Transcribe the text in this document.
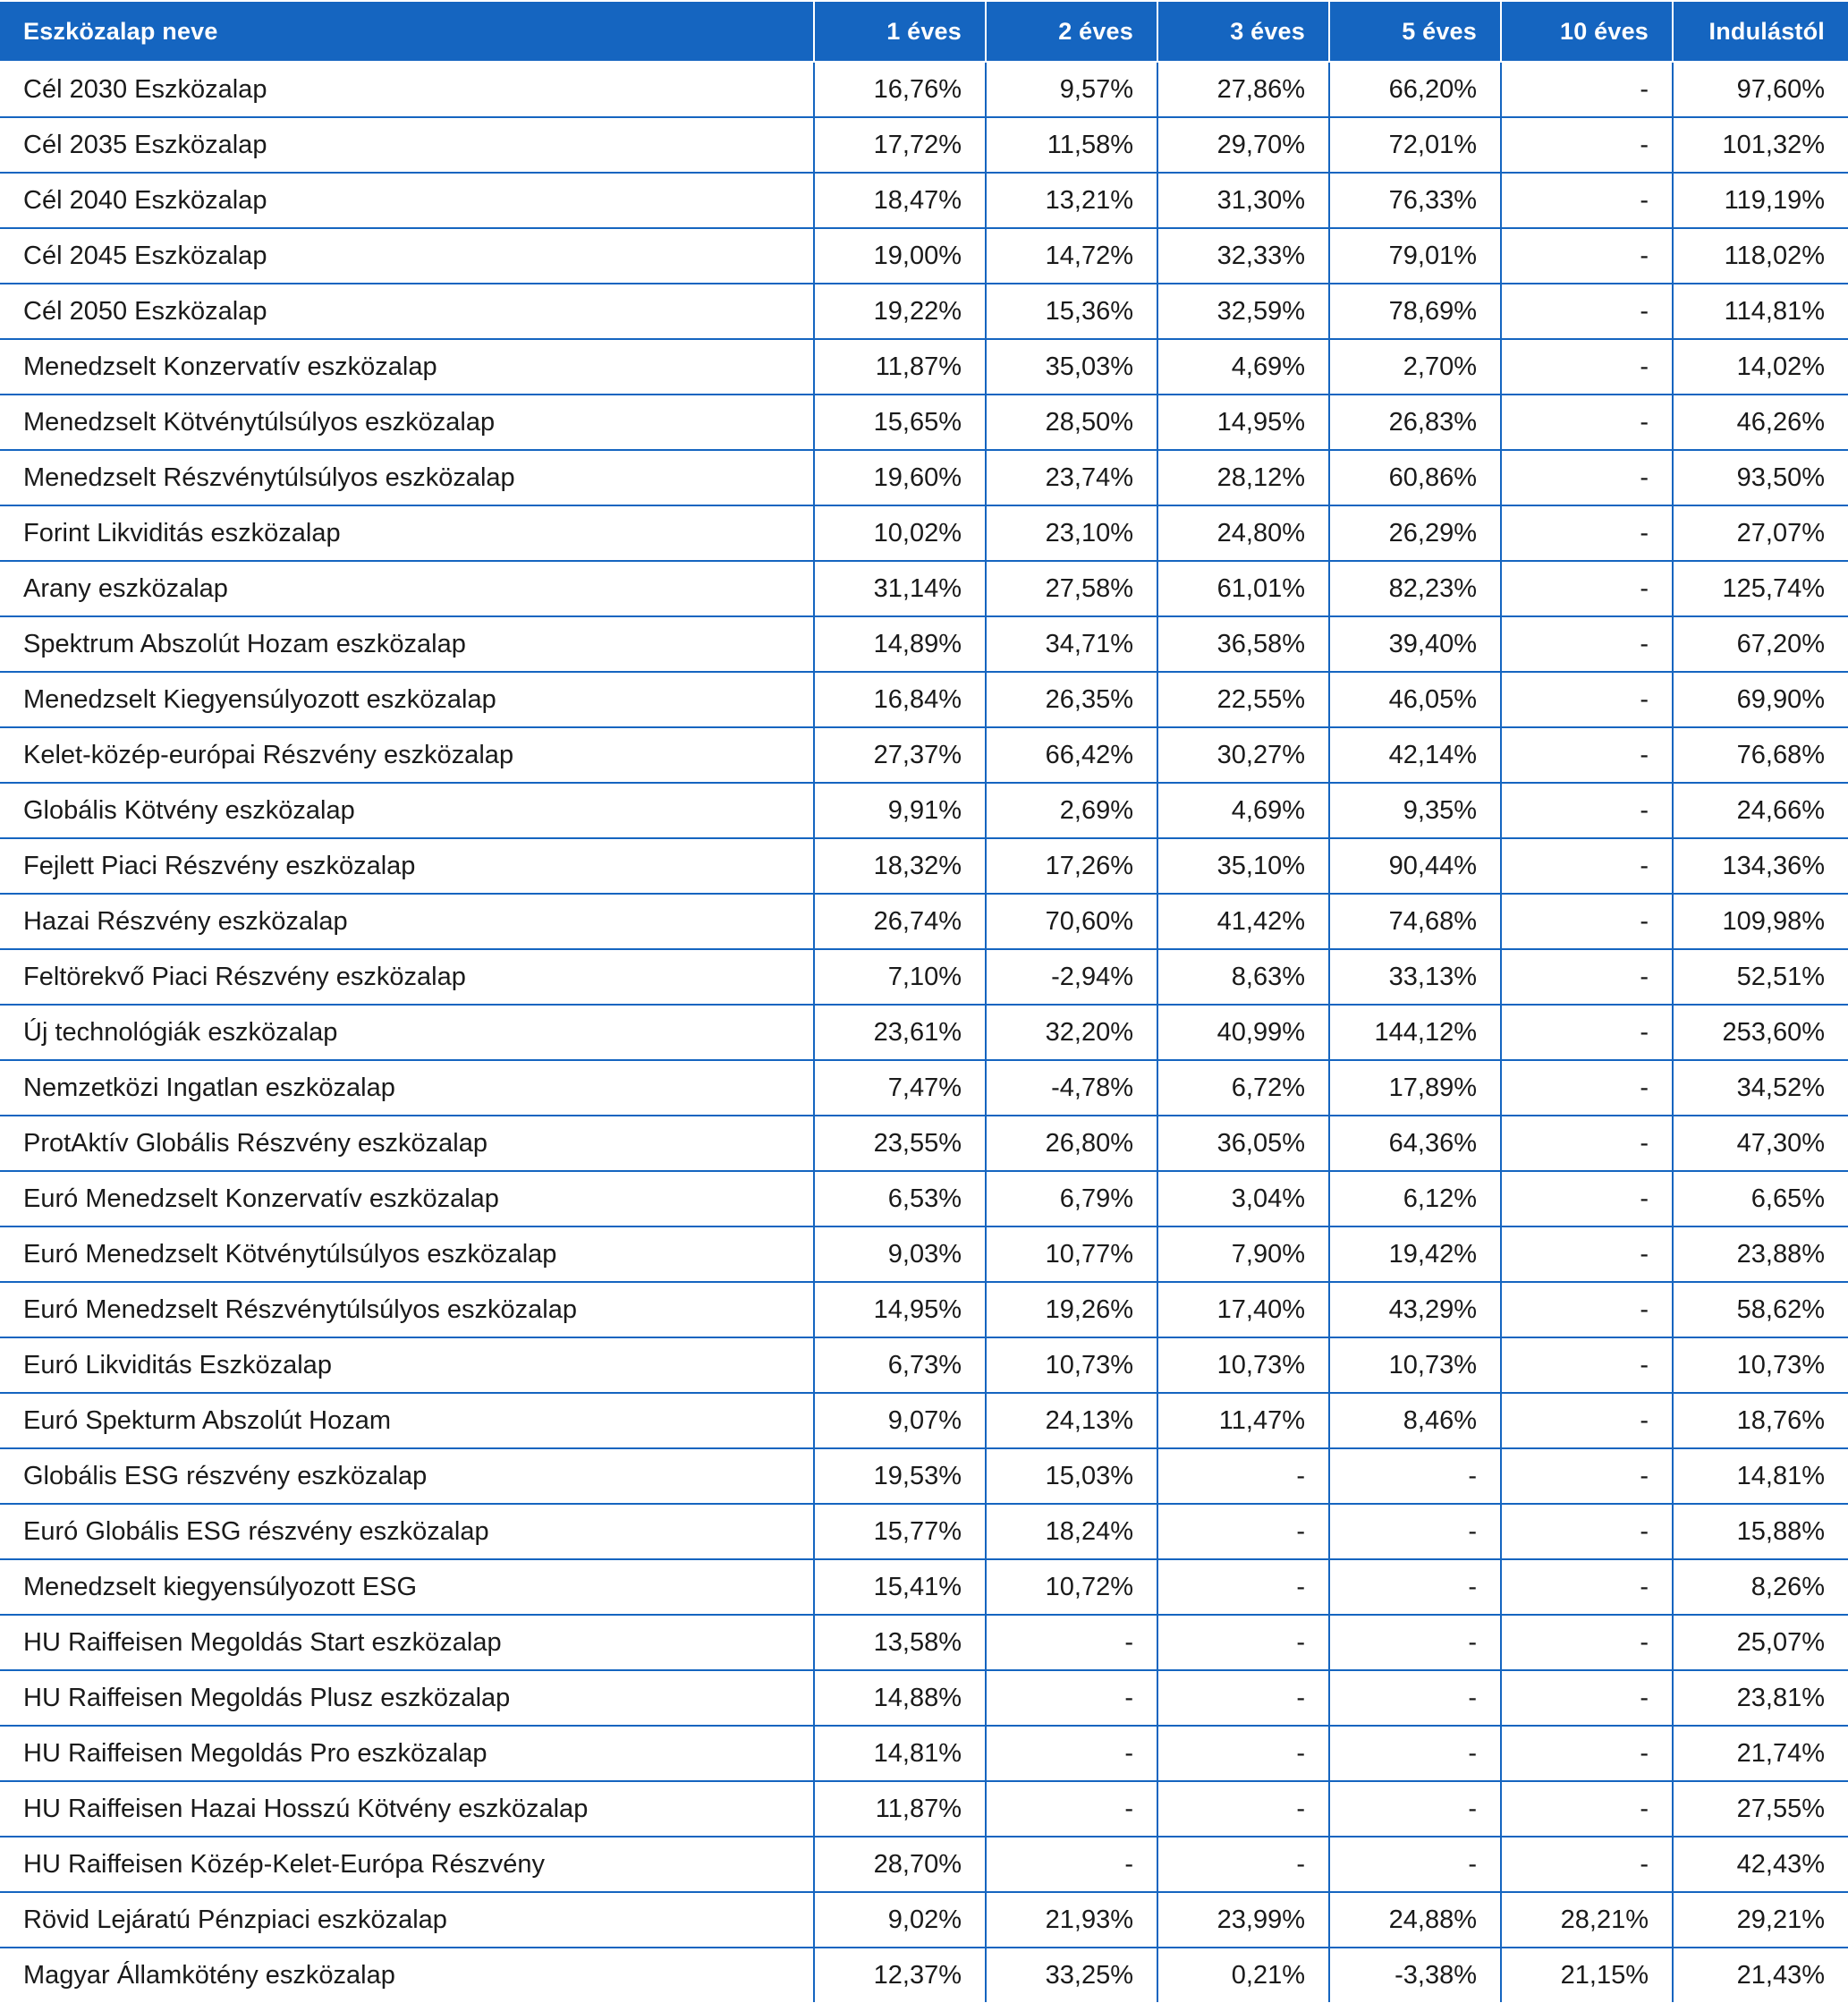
Eszközalap neve	1 éves	2 éves	3 éves	5 éves	10 éves	Indulástól
Cél 2030 Eszközalap	16,76%	9,57%	27,86%	66,20%	-	97,60%
Cél 2035 Eszközalap	17,72%	11,58%	29,70%	72,01%	-	101,32%
Cél 2040 Eszközalap	18,47%	13,21%	31,30%	76,33%	-	119,19%
Cél 2045 Eszközalap	19,00%	14,72%	32,33%	79,01%	-	118,02%
Cél 2050 Eszközalap	19,22%	15,36%	32,59%	78,69%	-	114,81%
Menedzselt Konzervatív eszközalap	11,87%	35,03%	4,69%	2,70%	-	14,02%
Menedzselt Kötvénytúlsúlyos eszközalap	15,65%	28,50%	14,95%	26,83%	-	46,26%
Menedzselt Részvénytúlsúlyos eszközalap	19,60%	23,74%	28,12%	60,86%	-	93,50%
Forint Likviditás eszközalap	10,02%	23,10%	24,80%	26,29%	-	27,07%
Arany eszközalap	31,14%	27,58%	61,01%	82,23%	-	125,74%
Spektrum Abszolút Hozam eszközalap	14,89%	34,71%	36,58%	39,40%	-	67,20%
Menedzselt Kiegyensúlyozott eszközalap	16,84%	26,35%	22,55%	46,05%	-	69,90%
Kelet-közép-európai Részvény eszközalap	27,37%	66,42%	30,27%	42,14%	-	76,68%
Globális Kötvény eszközalap	9,91%	2,69%	4,69%	9,35%	-	24,66%
Fejlett Piaci Részvény eszközalap	18,32%	17,26%	35,10%	90,44%	-	134,36%
Hazai Részvény eszközalap	26,74%	70,60%	41,42%	74,68%	-	109,98%
Feltörekvő Piaci Részvény eszközalap	7,10%	-2,94%	8,63%	33,13%	-	52,51%
Új technológiák eszközalap	23,61%	32,20%	40,99%	144,12%	-	253,60%
Nemzetközi Ingatlan eszközalap	7,47%	-4,78%	6,72%	17,89%	-	34,52%
ProtAktív Globális Részvény eszközalap	23,55%	26,80%	36,05%	64,36%	-	47,30%
Euró Menedzselt Konzervatív eszközalap	6,53%	6,79%	3,04%	6,12%	-	6,65%
Euró Menedzselt Kötvénytúlsúlyos eszközalap	9,03%	10,77%	7,90%	19,42%	-	23,88%
Euró Menedzselt Részvénytúlsúlyos eszközalap	14,95%	19,26%	17,40%	43,29%	-	58,62%
Euró Likviditás Eszközalap	6,73%	10,73%	10,73%	10,73%	-	10,73%
Euró Spekturm Abszolút Hozam	9,07%	24,13%	11,47%	8,46%	-	18,76%
Globális ESG részvény eszközalap	19,53%	15,03%	-	-	-	14,81%
Euró Globális ESG részvény eszközalap	15,77%	18,24%	-	-	-	15,88%
Menedzselt kiegyensúlyozott ESG	15,41%	10,72%	-	-	-	8,26%
HU Raiffeisen Megoldás Start eszközalap	13,58%	-	-	-	-	25,07%
HU Raiffeisen Megoldás Plusz eszközalap	14,88%	-	-	-	-	23,81%
HU Raiffeisen Megoldás Pro eszközalap	14,81%	-	-	-	-	21,74%
HU Raiffeisen Hazai Hosszú Kötvény eszközalap	11,87%	-	-	-	-	27,55%
HU Raiffeisen Közép-Kelet-Európa Részvény	28,70%	-	-	-	-	42,43%
Rövid Lejáratú Pénzpiaci eszközalap	9,02%	21,93%	23,99%	24,88%	28,21%	29,21%
Magyar Államkötény eszközalap	12,37%	33,25%	0,21%	-3,38%	21,15%	21,43%
